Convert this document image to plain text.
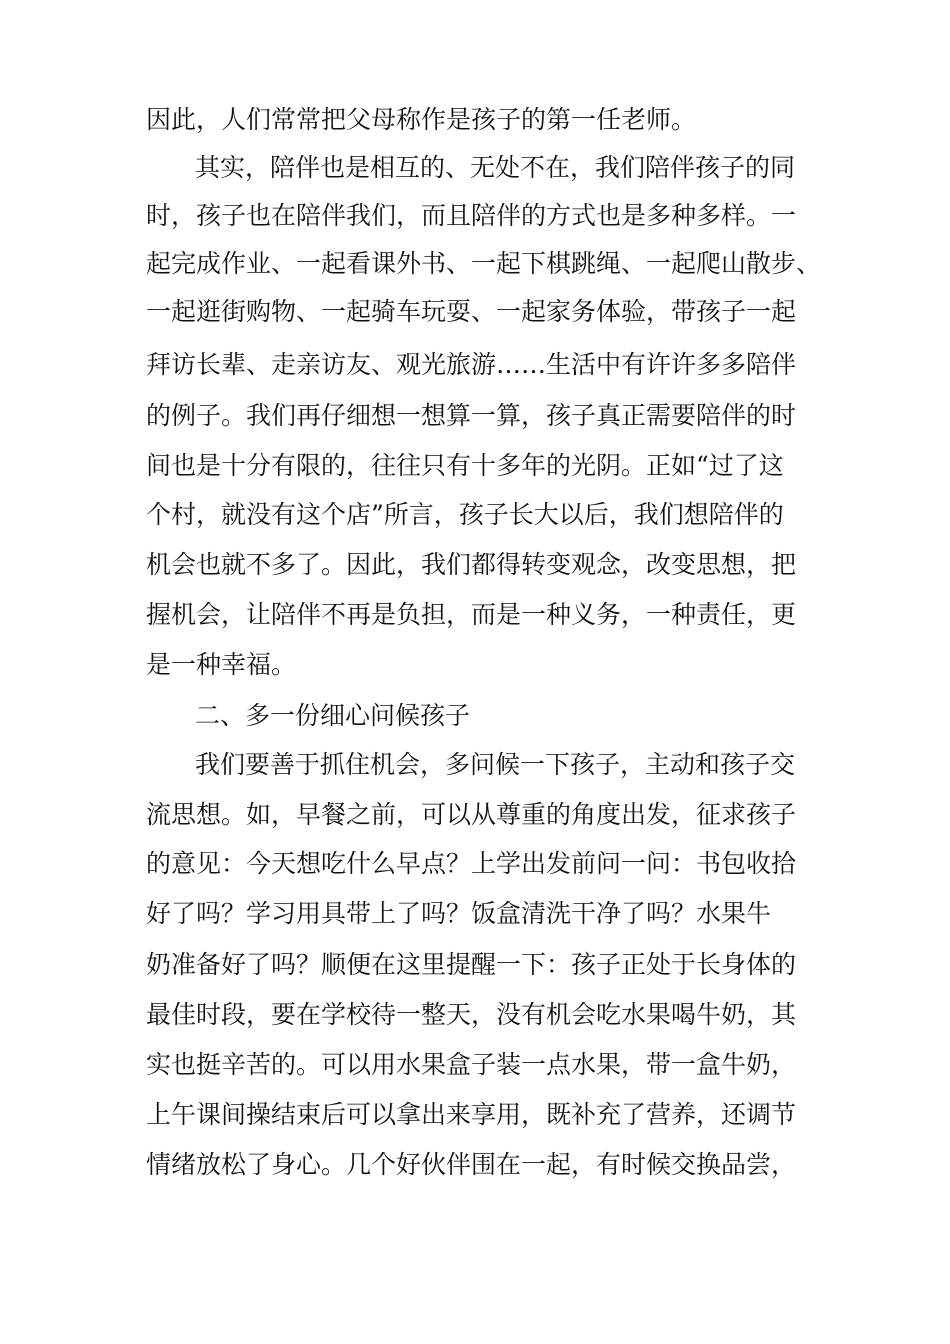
因此，人们常常把父母称作是孩子的第一任老师。
其实，陪伴也是相互的、无处不在，我们陪伴孩子的同
时，孩子也在陪伴我们，而且陪伴的方式也是多种多样。一
起完成作业、一起看课外书、一起下棋跳绳、一起爬山散步、
一起逛街购物、一起骑车玩耍、一起家务体验，带孩子一起
拜访长辈、走亲访友、观光旅游……生活中有许许多多陪伴
的例子。我们再仔细想一想算一算，孩子真正需要陪伴的时
间也是十分有限的，往往只有十多年的光阴。正如“过了这
个村，就没有这个店”所言，孩子长大以后，我们想陪伴的
机会也就不多了。因此，我们都得转变观念，改变思想，把
握机会，让陪伴不再是负担，而是一种义务，一种责任，更
是一种幸福。
二、多一份细心问候孩子
我们要善于抓住机会，多问候一下孩子，主动和孩子交
流思想。如，早餐之前，可以从尊重的角度出发，征求孩子
的意见：今天想吃什么早点？上学出发前问一问：书包收拾
好了吗？学习用具带上了吗？饭盒清洗干净了吗？水果牛
奶准备好了吗？顺便在这里提醒一下：孩子正处于长身体的
最佳时段，要在学校待一整天，没有机会吃水果喝牛奶，其
实也挺辛苦的。可以用水果盒子装一点水果，带一盒牛奶，
上午课间操结束后可以拿出来享用，既补充了营养，还调节
情绪放松了身心。几个好伙伴围在一起，有时候交换品尝，
